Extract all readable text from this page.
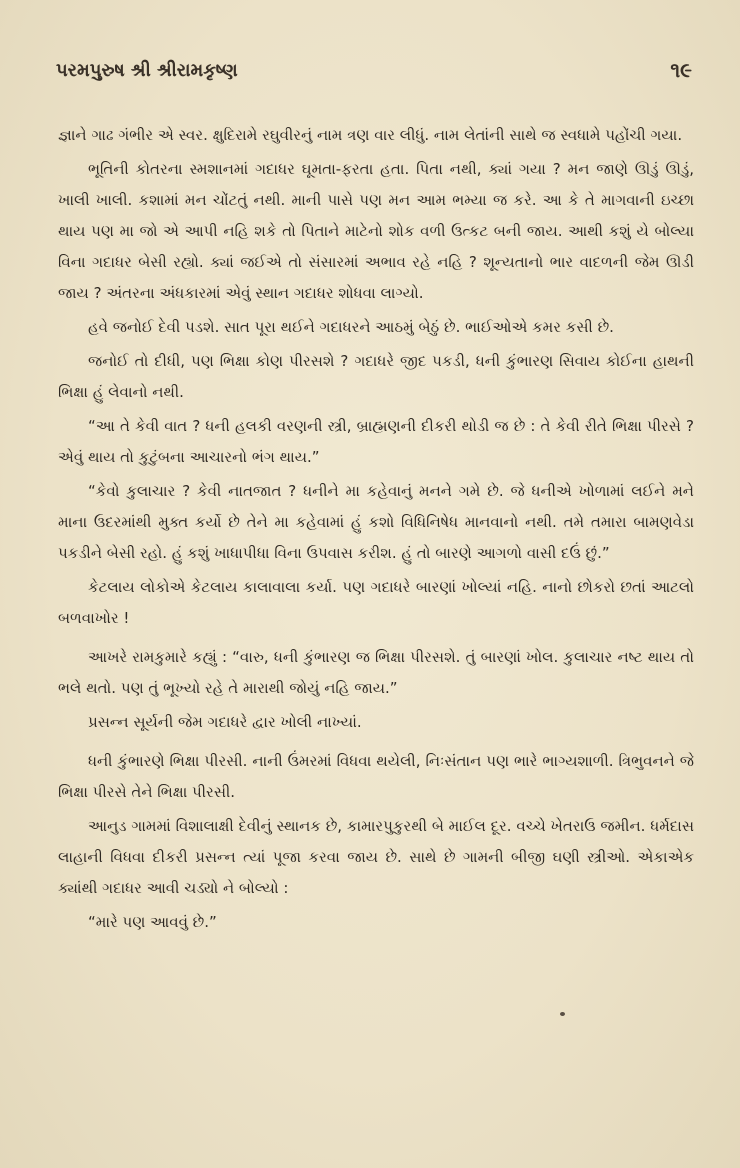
પરમપુરુષ શ્રી શ્રીરામકૃષ્ણ	૧૯

જ્ઞાને ગાઢ ગંભીર એ સ્વર. ક્ષુદિરામે રઘુવીરનું નામ ત્રણ વાર લીધું. નામ લેતાંની સાથે જ સ્વધામે પહોંચી ગયા.

ભૂતિની કોતરના સ્મશાનમાં ગદાધર ઘૂમતા-ફરતા હતા. પિતા નથી, ક્યાં ગયા ? મન જાણે ઊડું ઊડું, ખાલી ખાલી. કશામાં મન ચોંટતું નથી. માની પાસે પણ મન આમ ભમ્યા જ કરે. આ કે તે માગવાની ઇચ્છા થાય પણ મા જો એ આપી નહિ શકે તો પિતાને માટેનો શોક વળી ઉત્કટ બની જાય. આથી કશું યે બોલ્યા વિના ગદાધર બેસી રહ્યો. ક્યાં જઈએ તો સંસારમાં અભાવ રહે નહિ ? શૂન્યતાનો ભાર વાદળની જેમ ઊડી જાય ? અંતરના અંધકારમાં એવું સ્થાન ગદાધર શોધવા લાગ્યો.

હવે જનોઈ દેવી પડશે. સાત પૂરા થઈને ગદાધરને આઠમું બેઠું છે. ભાઈઓએ કમર કસી છે.

જનોઈ તો દીધી, પણ ભિક્ષા કોણ પીરસશે ? ગદાધરે જીદ પકડી, ધની કુંભારણ સિવાય કોઈના હાથની ભિક્ષા હું લેવાનો નથી.

“આ તે કેવી વાત ? ધની હલકી વરણની સ્ત્રી, બ્રાહ્મણની દીકરી થોડી જ છે : તે કેવી રીતે ભિક્ષા પીરસે ? એવું થાય તો કુટુંબના આચારનો ભંગ થાય.”

“કેવો કુલાચાર ? કેવી નાતજાત ? ધનીને મા કહેવાનું મનને ગમે છે. જે ધનીએ ખોળામાં લઈને મને માના ઉદરમાંથી મુક્ત કર્યો છે તેને મા કહેવામાં હું કશો વિધિનિષેધ માનવાનો નથી. તમે તમારા બામણવેડા પકડીને બેસી રહો. હું કશું ખાધાપીધા વિના ઉપવાસ કરીશ. હું તો બારણે આગળો વાસી દઉં છું.”

કેટલાય લોકોએ કેટલાય કાલાવાલા કર્યા. પણ ગદાધરે બારણાં ખોલ્યાં નહિ. નાનો છોકરો છતાં આટલો બળવાખોર !

આખરે રામકુમારે કહ્યું : “વારુ, ધની કુંભારણ જ ભિક્ષા પીરસશે. તું બારણાં ખોલ. કુલાચાર નષ્ટ થાય તો ભલે થતો. પણ તું ભૂખ્યો રહે તે મારાથી જોયું નહિ જાય.”

પ્રસન્ન સૂર્યની જેમ ગદાધરે દ્વાર ખોલી નાખ્યાં.

ધની કુંભારણે ભિક્ષા પીરસી. નાની ઉંમરમાં વિધવા થયેલી, નિઃસંતાન પણ ભારે ભાગ્યશાળી. ત્રિભુવનને જે ભિક્ષા પીરસે તેને ભિક્ષા પીરસી.

આનુડ ગામમાં વિશાલાક્ષી દેવીનું સ્થાનક છે, કામારપુકુરથી બે માઈલ દૂર. વચ્ચે ખેતરાઉ જમીન. ધર્મદાસ લાહાની વિધવા દીકરી પ્રસન્ન ત્યાં પૂજા કરવા જાય છે. સાથે છે ગામની બીજી ઘણી સ્ત્રીઓ. એકાએક ક્યાંથી ગદાધર આવી ચડ્યો ને બોલ્યો :

“મારે પણ આવવું છે.”
